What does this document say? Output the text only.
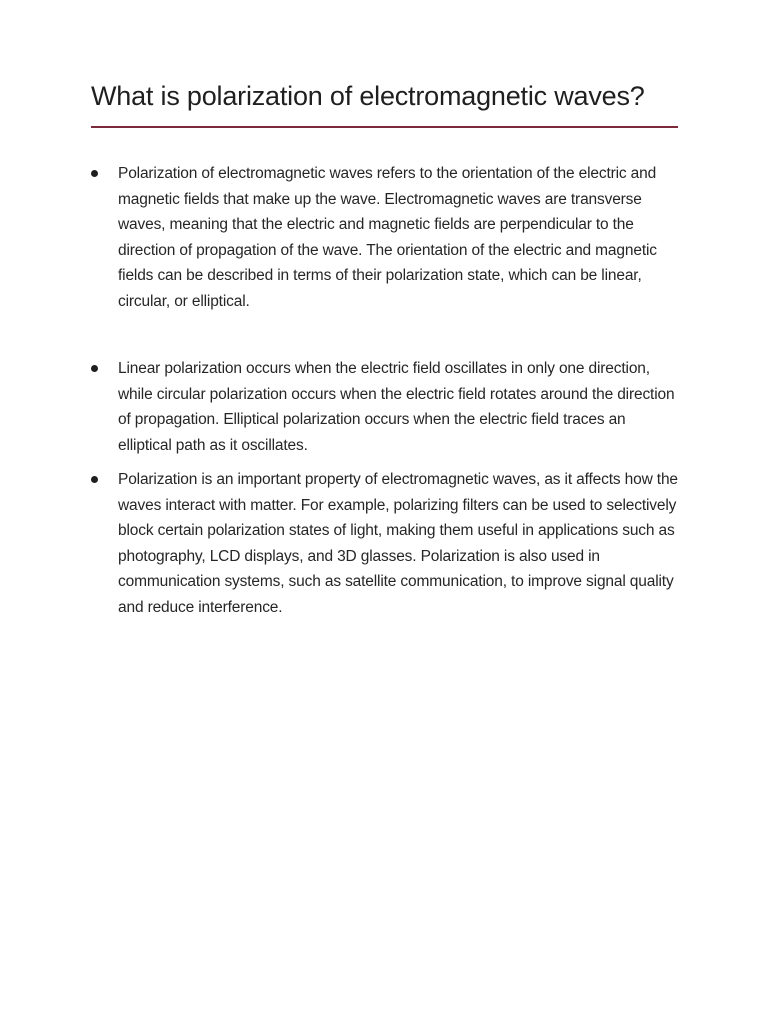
What is polarization of electromagnetic waves?

Polarization of electromagnetic waves refers to the orientation of the electric and magnetic fields that make up the wave. Electromagnetic waves are transverse waves, meaning that the electric and magnetic fields are perpendicular to the direction of propagation of the wave. The orientation of the electric and magnetic fields can be described in terms of their polarization state, which can be linear, circular, or elliptical.

Linear polarization occurs when the electric field oscillates in only one direction, while circular polarization occurs when the electric field rotates around the direction of propagation. Elliptical polarization occurs when the electric field traces an elliptical path as it oscillates.

Polarization is an important property of electromagnetic waves, as it affects how the waves interact with matter. For example, polarizing filters can be used to selectively block certain polarization states of light, making them useful in applications such as photography, LCD displays, and 3D glasses. Polarization is also used in communication systems, such as satellite communication, to improve signal quality and reduce interference.
